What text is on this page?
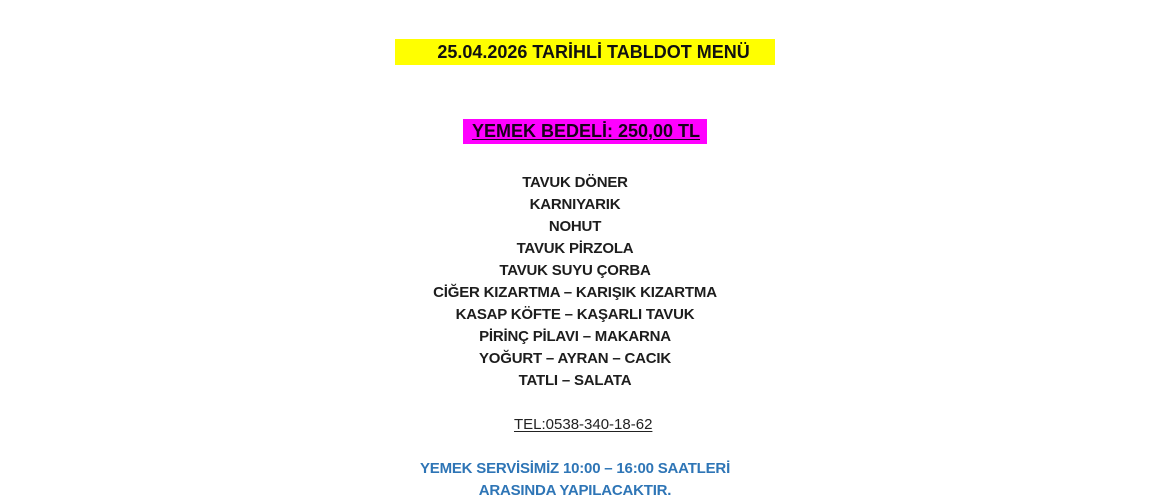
25.04.2026 TARİHLİ TABLDOT MENÜ

YEMEK BEDELİ: 250,00 TL

TAVUK DÖNER
KARNIYARIK
NOHUT
TAVUK PİRZOLA
TAVUK SUYU ÇORBA
CİĞER KIZARTMA – KARIŞIK KIZARTMA
KASAP KÖFTE – KAŞARLI TAVUK
PİRİNÇ PİLAVI – MAKARNA
YOĞURT – AYRAN – CACIK
TATLI – SALATA

TEL:0538-340-18-62

YEMEK SERVİSİMİZ 10:00 – 16:00 SAATLERİ
ARASINDA YAPILACAKTIR.
